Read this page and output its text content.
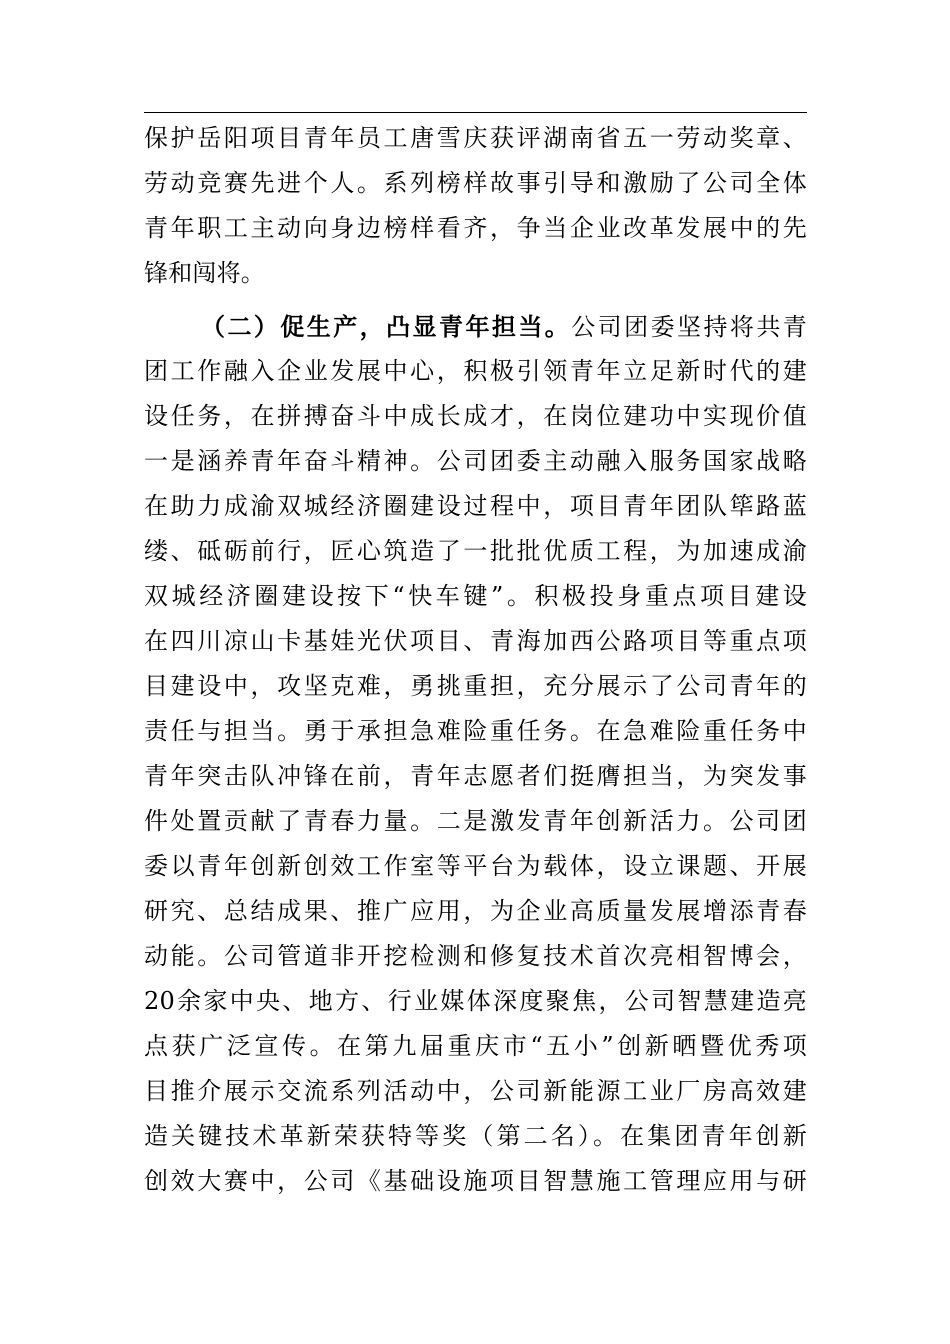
保护岳阳项目青年员工唐雪庆获评湖南省五一劳动奖章、
劳动竞赛先进个人。系列榜样故事引导和激励了公司全体
青年职工主动向身边榜样看齐，争当企业改革发展中的先
锋和闯将。
（二）促生产，凸显青年担当。公司团委坚持将共青
团工作融入企业发展中心，积极引领青年立足新时代的建
设任务，在拼搏奋斗中成长成才，在岗位建功中实现价值
一是涵养青年奋斗精神。公司团委主动融入服务国家战略
在助力成渝双城经济圈建设过程中，项目青年团队筚路蓝
缕、砥砺前行，匠心筑造了一批批优质工程，为加速成渝
双城经济圈建设按下“快车键”。积极投身重点项目建设
在四川凉山卡基娃光伏项目、青海加西公路项目等重点项
目建设中，攻坚克难，勇挑重担，充分展示了公司青年的
责任与担当。勇于承担急难险重任务。在急难险重任务中
青年突击队冲锋在前，青年志愿者们挺膺担当，为突发事
件处置贡献了青春力量。二是激发青年创新活力。公司团
委以青年创新创效工作室等平台为载体，设立课题、开展
研究、总结成果、推广应用，为企业高质量发展增添青春
动能。公司管道非开挖检测和修复技术首次亮相智博会，
20余家中央、地方、行业媒体深度聚焦，公司智慧建造亮
点获广泛宣传。在第九届重庆市“五小”创新晒暨优秀项
目推介展示交流系列活动中，公司新能源工业厂房高效建
造关键技术革新荣获特等奖（第二名）。在集团青年创新
创效大赛中，公司《基础设施项目智慧施工管理应用与研
